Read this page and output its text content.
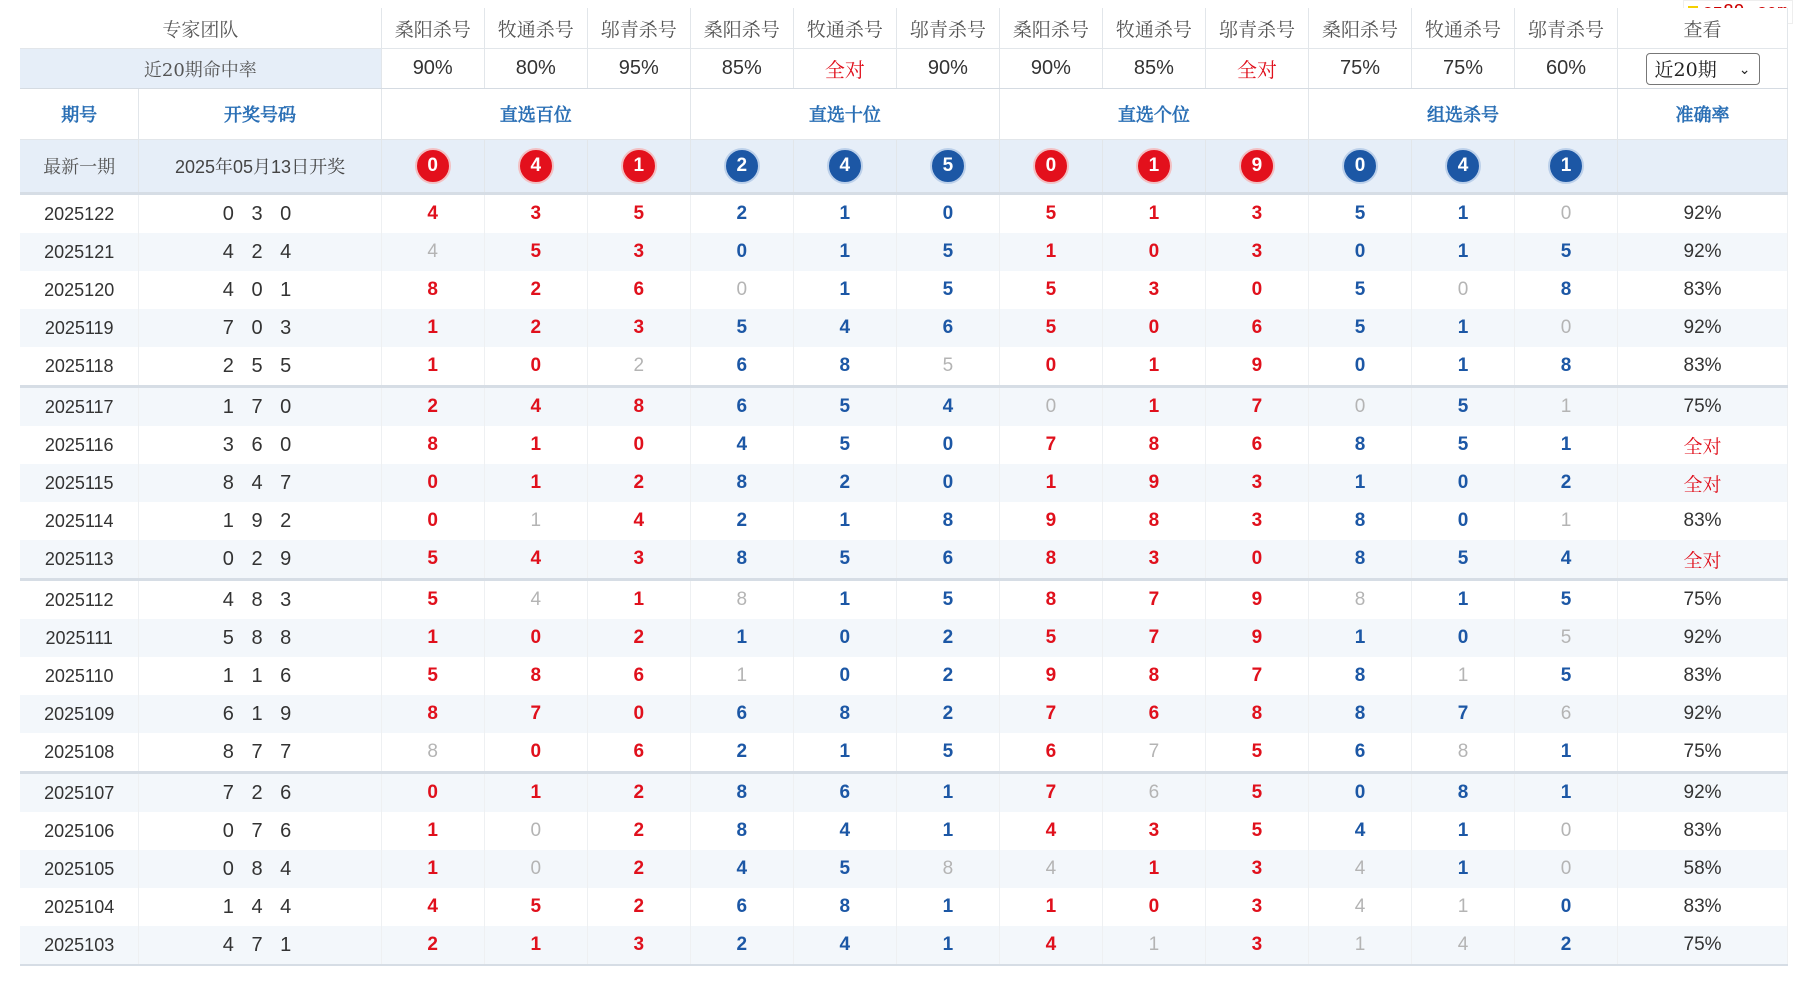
专家团队		桑阳杀号	牧通杀号	邬青杀号	桑阳杀号	牧通杀号	邬青杀号	桑阳杀号	牧通杀号	邬青杀号	桑阳杀号	牧通杀号	邬青杀号	查看
近20期命中率		90%	80%	95%	85%	全对	90%	90%	85%	全对	75%	75%	60%	近20期 ⌄

期号	开奖号码	直选百位			直选十位			直选个位			组选杀号			准确率
最新一期	2025年05月13日开奖	0	4	1	2	4	5	0	1	9	0	4	1	
2025122	0 3 0	4	3	5	2	1	0	5	1	3	5	1	0	92%
2025121	4 2 4	4	5	3	0	1	5	1	0	3	0	1	5	92%
2025120	4 0 1	8	2	6	0	1	5	5	3	0	5	0	8	83%
2025119	7 0 3	1	2	3	5	4	6	5	0	6	5	1	0	92%
2025118	2 5 5	1	0	2	6	8	5	0	1	9	0	1	8	83%
2025117	1 7 0	2	4	8	6	5	4	0	1	7	0	5	1	75%
2025116	3 6 0	8	1	0	4	5	0	7	8	6	8	5	1	全对
2025115	8 4 7	0	1	2	8	2	0	1	9	3	1	0	2	全对
2025114	1 9 2	0	1	4	2	1	8	9	8	3	8	0	1	83%
2025113	0 2 9	5	4	3	8	5	6	8	3	0	8	5	4	全对
2025112	4 8 3	5	4	1	8	1	5	8	7	9	8	1	5	75%
2025111	5 8 8	1	0	2	1	0	2	5	7	9	1	0	5	92%
2025110	1 1 6	5	8	6	1	0	2	9	8	7	8	1	5	83%
2025109	6 1 9	8	7	0	6	8	2	7	6	8	8	7	6	92%
2025108	8 7 7	8	0	6	2	1	5	6	7	5	6	8	1	75%
2025107	7 2 6	0	1	2	8	6	1	7	6	5	0	8	1	92%
2025106	0 7 6	1	0	2	8	4	1	4	3	5	4	1	0	83%
2025105	0 8 4	1	0	2	4	5	8	4	1	3	4	1	0	58%
2025104	1 4 4	4	5	2	6	8	1	1	0	3	4	1	0	83%
2025103	4 7 1	2	1	3	2	4	1	4	1	3	1	4	2	75%
